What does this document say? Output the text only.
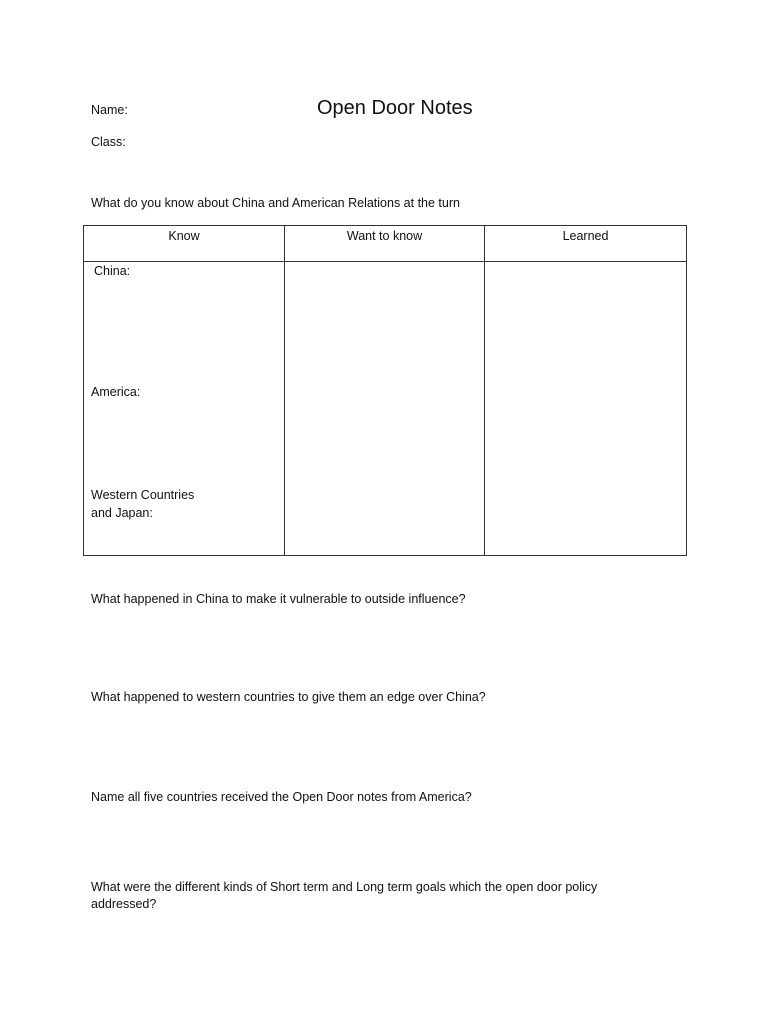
Name:	Open Door Notes
Class:
What do you know about China and American Relations at the turn
Know	Want to know	Learned

China:
America:
Western Countries
and Japan:		

What happened in China to make it vulnerable to outside influence?
What happened to western countries to give them an edge over China?
Name all five countries received the Open Door notes from America?
What were the different kinds of Short term and Long term goals which the open door policy addressed?
